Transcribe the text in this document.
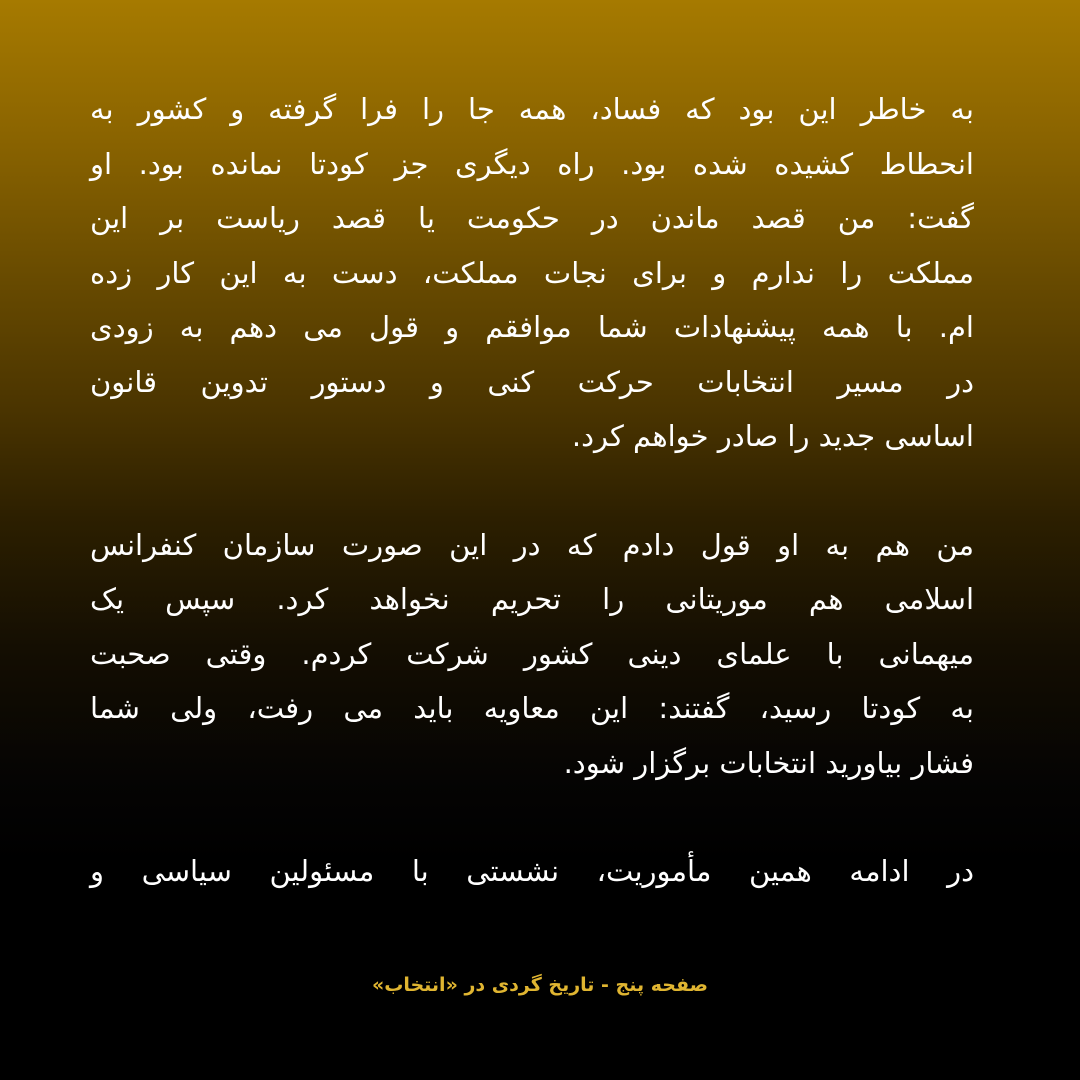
به خاطر این بود که فساد، همه جا را فرا گرفته و کشور به
انحطاط کشیده شده بود. راه دیگری جز کودتا نمانده بود. او
گفت: من قصد ماندن در حکومت یا قصد ریاست بر این
مملکت را ندارم و برای نجات مملکت، دست به این کار زده
ام. با همه پیشنهادات شما موافقم و قول می دهم به زودی
در مسیر انتخابات حرکت کنی و دستور تدوین قانون
اساسی جدید را صادر خواهم کرد.

من هم به او قول دادم که در این صورت سازمان کنفرانس
اسلامی هم موریتانی را تحریم نخواهد کرد. سپس یک
میهمانی با علمای دینی کشور شرکت کردم. وقتی صحبت
به کودتا رسید، گفتند: این معاویه باید می رفت، ولی شما
فشار بیاورید انتخابات برگزار شود.

در ادامه همین مأموریت، نشستی با مسئولین سیاسی و

صفحه پنج - تاریخ گردی در «انتخاب»
